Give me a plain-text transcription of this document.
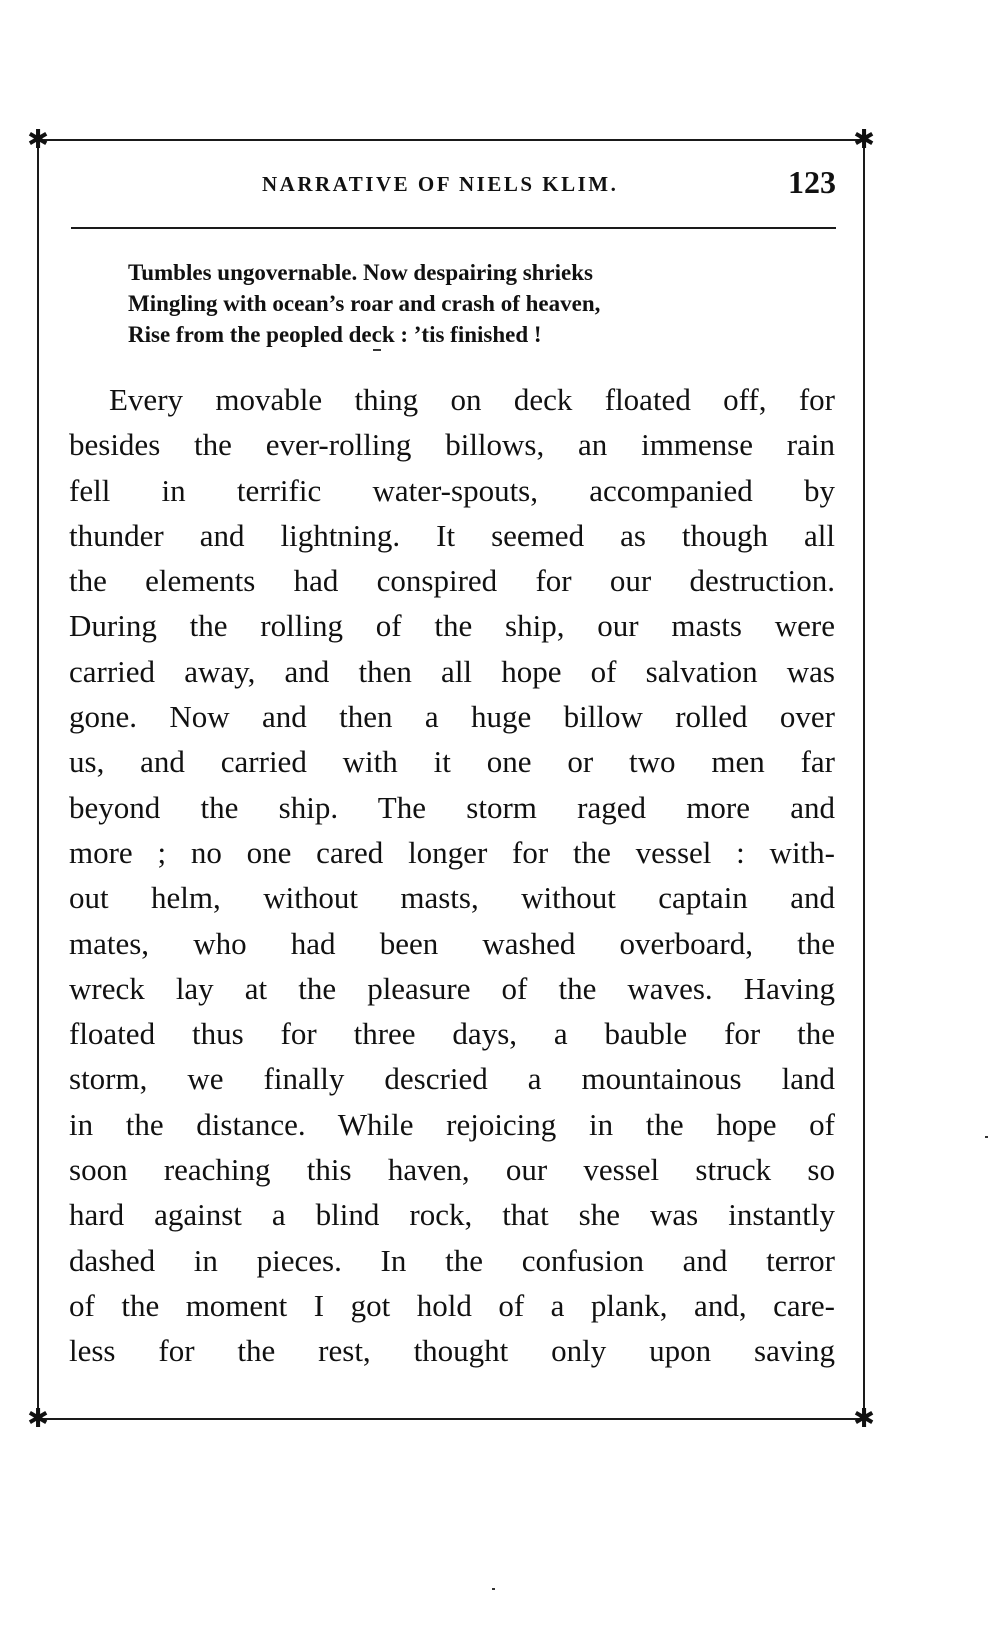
✱	✱
✱	✱
NARRATIVE OF NIELS KLIM.	123
Tumbles ungovernable. Now despairing shrieks
Mingling with ocean’s roar and crash of heaven,
Rise from the peopled deck : ’tis finished !
Every movable thing on deck floated off, for
besides the ever-rolling billows, an immense rain
fell in terrific water-spouts, accompanied by
thunder and lightning. It seemed as though all
the elements had conspired for our destruction.
During the rolling of the ship, our masts were
carried away, and then all hope of salvation was
gone. Now and then a huge billow rolled over
us, and carried with it one or two men far
beyond the ship. The storm raged more and
more ; no one cared longer for the vessel : with-
out helm, without masts, without captain and
mates, who had been washed overboard, the
wreck lay at the pleasure of the waves. Having
floated thus for three days, a bauble for the
storm, we finally descried a mountainous land
in the distance. While rejoicing in the hope of
soon reaching this haven, our vessel struck so
hard against a blind rock, that she was instantly
dashed in pieces. In the confusion and terror
of the moment I got hold of a plank, and, care-
less for the rest, thought only upon saving
